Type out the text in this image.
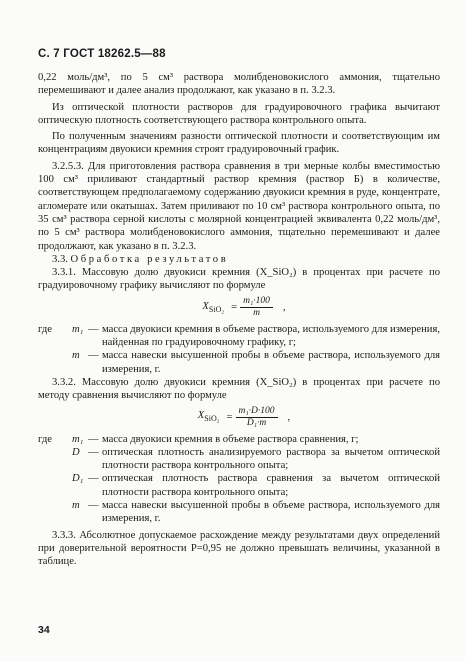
С. 7 ГОСТ 18262.5—88

0,22 моль/дм³, по 5 см³ раствора молибденовокислого аммония, тщательно перемешивают и далее анализ продолжают, как указано в п. 3.2.3.

Из оптической плотности растворов для градуировочного графика вычитают оптическую плотность соответствующего раствора контрольного опыта.

По полученным значениям разности оптической плотности и соответствующим им концентрациям двуокиси кремния строят градуировочный график.

3.2.5.3. Для приготовления раствора сравнения в три мерные колбы вместимостью 100 см³ приливают стандартный раствор кремния (раствор Б) в количестве, соответствующем предполагаемому содержанию двуокиси кремния в руде, концентрате, агломерате или окатышах. Затем приливают по 10 см³ раствора контрольного опыта, по 35 см³ раствора серной кислоты с молярной концентрацией эквивалента 0,22 моль/дм³, по 5 см³ раствора молибденовокислого аммония, тщательно перемешивают и далее продолжают, как указано в п. 3.2.3.

3.3. Обработка результатов

3.3.1. Массовую долю двуокиси кремния (X_SiO₂) в процентах при расчете по градуировочному графику вычисляют по формуле

$X_{SiO_2} = \frac{\text{m₁·100}}{m}$ ,
где	m₁	—	масса двуокиси кремния в объеме раствора, используемого для измерения, найденная по градуировочному графику, г;
	m	—	масса навески высушенной пробы в объеме раствора, используемого для измерения, г.

3.3.2. Массовую долю двуокиси кремния (X_SiO₂) в процентах при расчете по методу сравнения вычисляют по формуле

$X_{SiO_2} = \frac{\text{m₁·D·100}}{\text{D₁·m}}$ ,
где	m₁	—	масса двуокиси кремния в объеме раствора сравнения, г;
	D	—	оптическая плотность анализируемого раствора за вычетом оптической плотности раствора контрольного опыта;
	D₁	—	оптическая плотность раствора сравнения за вычетом оптической плотности раствора контрольного опыта;
	m	—	масса навески высушенной пробы в объеме раствора, используемого для измерения, г.

3.3.3. Абсолютное допускаемое расхождение между результатами двух определений при доверительной вероятности P=0,95 не должно превышать величины, указанной в таблице.

34
